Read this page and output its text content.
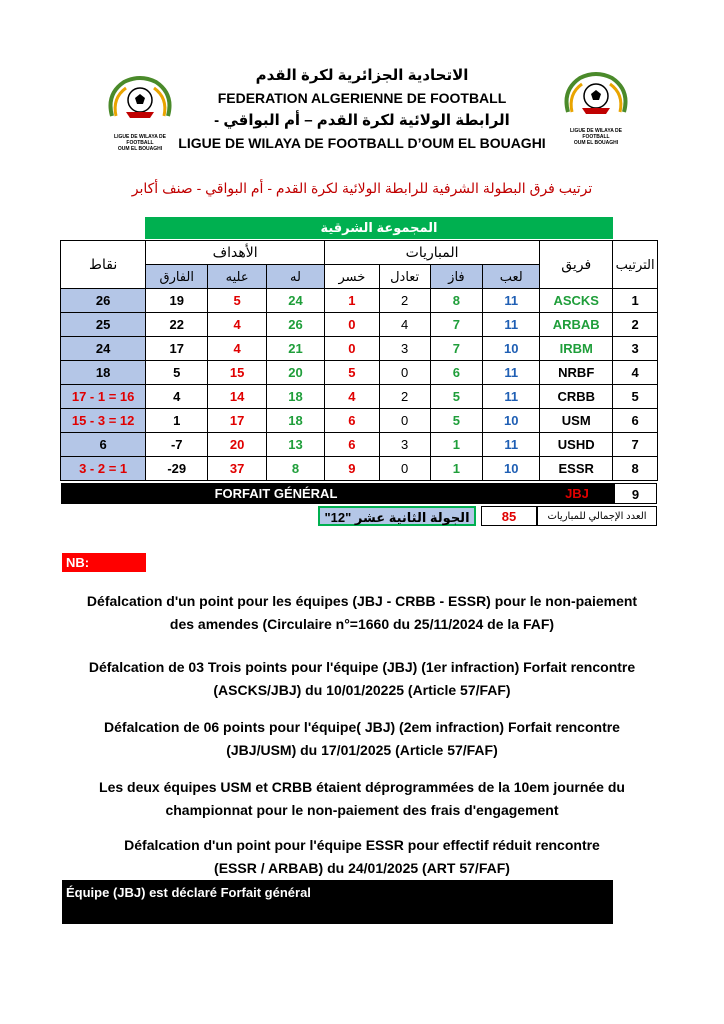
LIGUE DE WILAYA DE FOOTBALL
OUM EL BOUAGHI
LIGUE DE WILAYA DE FOOTBALL
OUM EL BOUAGHI
الاتحادية الجزائرية لكرة القدم
FEDERATION ALGERIENNE DE FOOTBALL
الرابطة الولائية لكرة القدم – أم البواقي -
LIGUE DE WILAYA DE FOOTBALL D’OUM EL BOUAGHI
ترتيب فرق البطولة الشرفية للرابطة الولائية لكرة القدم - أم البواقي - صنف أكابر
المجموعة الشرقية
نقاط	الأهداف			المباريات				فريق	الترتيب
	الفارق	عليه	له	خسر	تعادل	فاز	لعب		
26	19	5	24	1	2	8	11	ASCKS	1
25	22	4	26	0	4	7	11	ARBAB	2
24	17	4	21	0	3	7	10	IRBM	3
18	5	15	20	5	0	6	11	NRBF	4
17 - 1 = 16	4	14	18	4	2	5	11	CRBB	5
15 - 3 = 12	1	17	18	6	0	5	10	USM	6
6	-7	20	13	6	3	1	11	USHD	7
3 - 2 = 1	-29	37	8	9	0	1	10	ESSR	8
FORFAIT GÉNÉRAL	JBJ	9
الجولة الثانية عشر "12"	85	العدد الإجمالي للمباريات
NB:
Défalcation d'un point pour les équipes (JBJ - CRBB - ESSR) pour le non-paiement
des amendes (Circulaire n°=1660 du 25/11/2024 de la FAF)
Défalcation de 03 Trois points pour l'équipe (JBJ) (1er infraction) Forfait rencontre
(ASCKS/JBJ) du 10/01/20225 (Article 57/FAF)
Défalcation de 06 points pour l'équipe( JBJ) (2em infraction) Forfait rencontre
(JBJ/USM) du 17/01/2025 (Article 57/FAF)
Les deux équipes USM et CRBB étaient déprogrammées de la 10em journée du
championnat pour le non-paiement des frais d'engagement
Défalcation d'un point pour l'équipe ESSR pour effectif réduit rencontre
(ESSR / ARBAB) du 24/01/2025 (ART 57/FAF)
Équipe (JBJ) est déclaré Forfait général
